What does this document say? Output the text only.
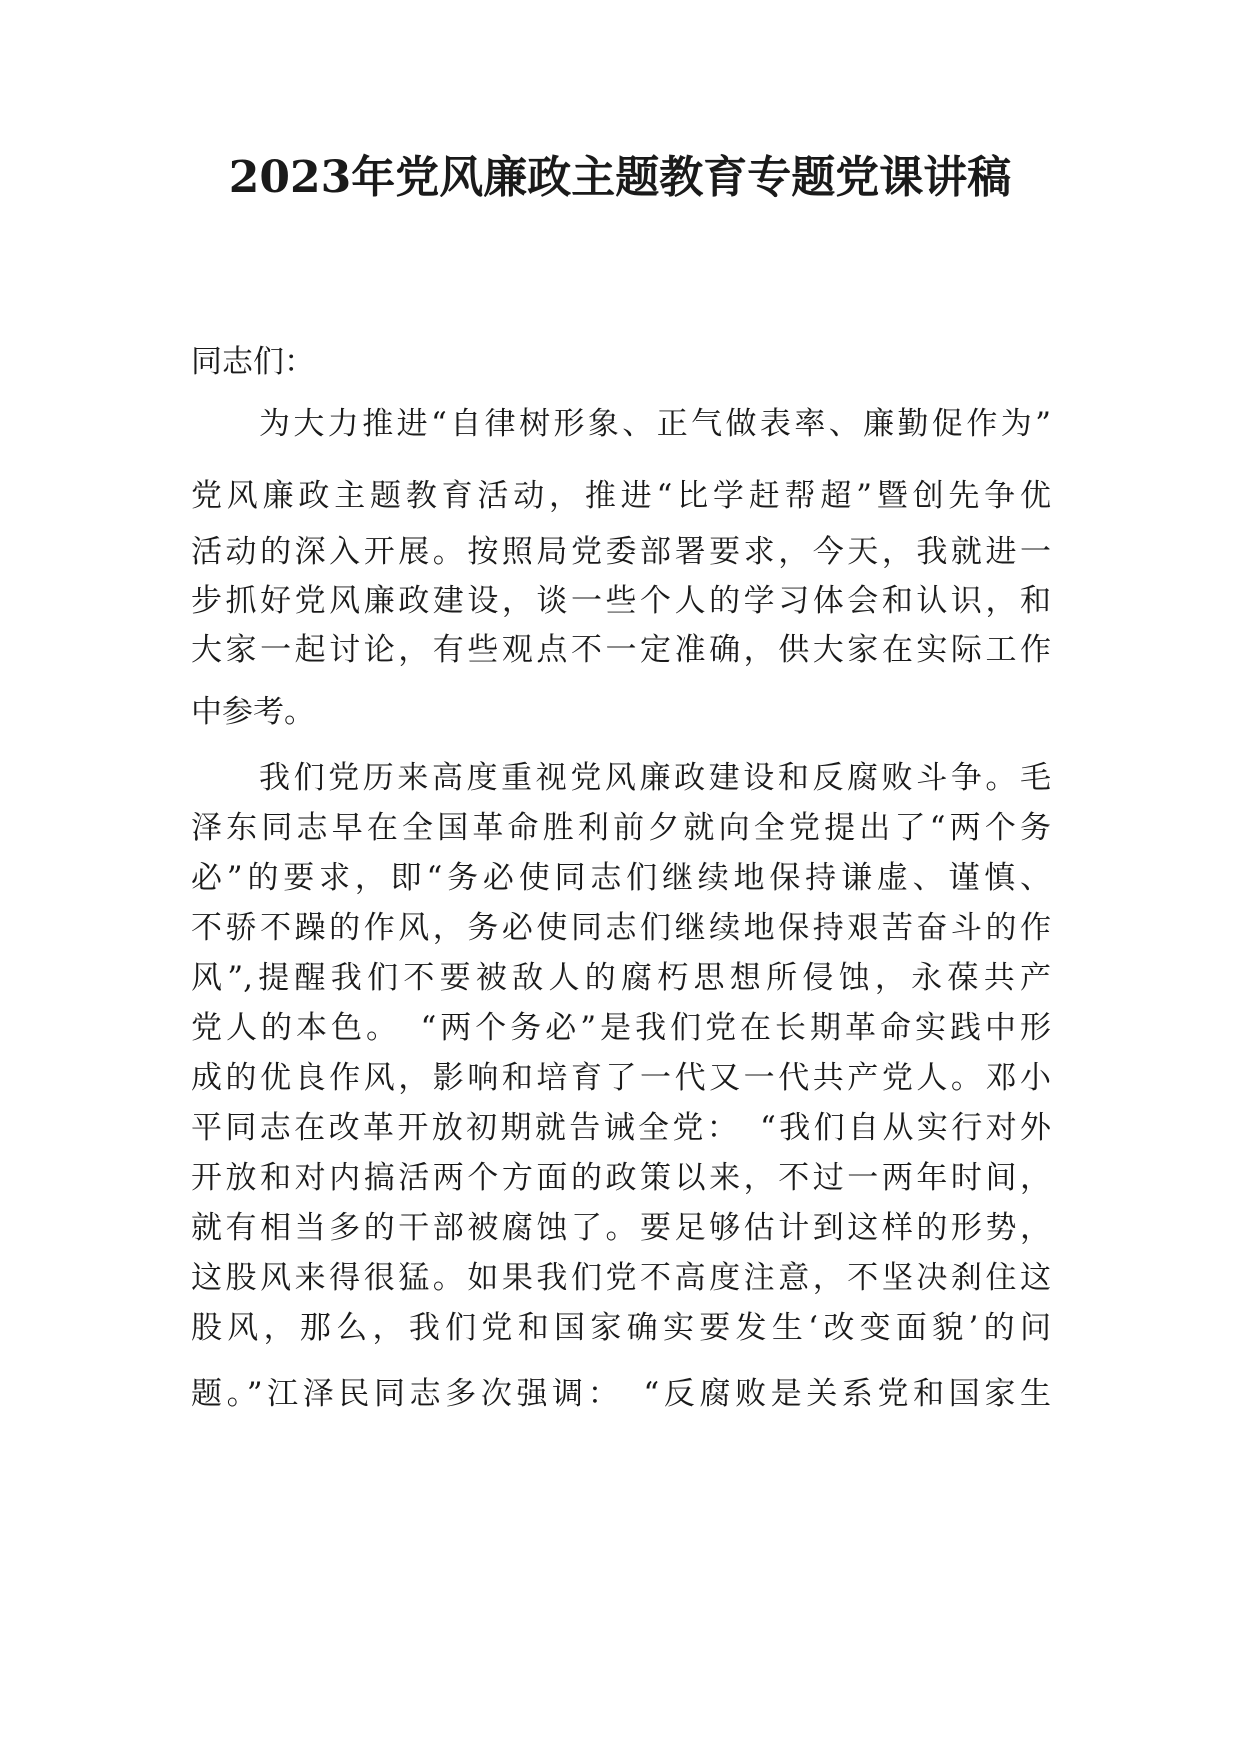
2023年党风廉政主题教育专题党课讲稿
同志们：
为大力推进“自律树形象、正气做表率、廉勤促作为”
党风廉政主题教育活动，推进“比学赶帮超”暨创先争优
活动的深入开展。按照局党委部署要求，今天，我就进一
步抓好党风廉政建设，谈一些个人的学习体会和认识，和
大家一起讨论，有些观点不一定准确，供大家在实际工作
中参考。
我们党历来高度重视党风廉政建设和反腐败斗争。毛
泽东同志早在全国革命胜利前夕就向全党提出了“两个务
必”的要求，即“务必使同志们继续地保持谦虚、谨慎、
不骄不躁的作风，务必使同志们继续地保持艰苦奋斗的作
风”,提醒我们不要被敌人的腐朽思想所侵蚀，永葆共产
党人的本色。　“两个务必”是我们党在长期革命实践中形
成的优良作风，影响和培育了一代又一代共产党人。邓小
平同志在改革开放初期就告诫全党：　“我们自从实行对外
开放和对内搞活两个方面的政策以来，不过一两年时间，
就有相当多的干部被腐蚀了。要足够估计到这样的形势，
这股风来得很猛。如果我们党不高度注意，不坚决刹住这
股风，那么，我们党和国家确实要发生‘改变面貌’的问
题。”江泽民同志多次强调：　“反腐败是关系党和国家生
